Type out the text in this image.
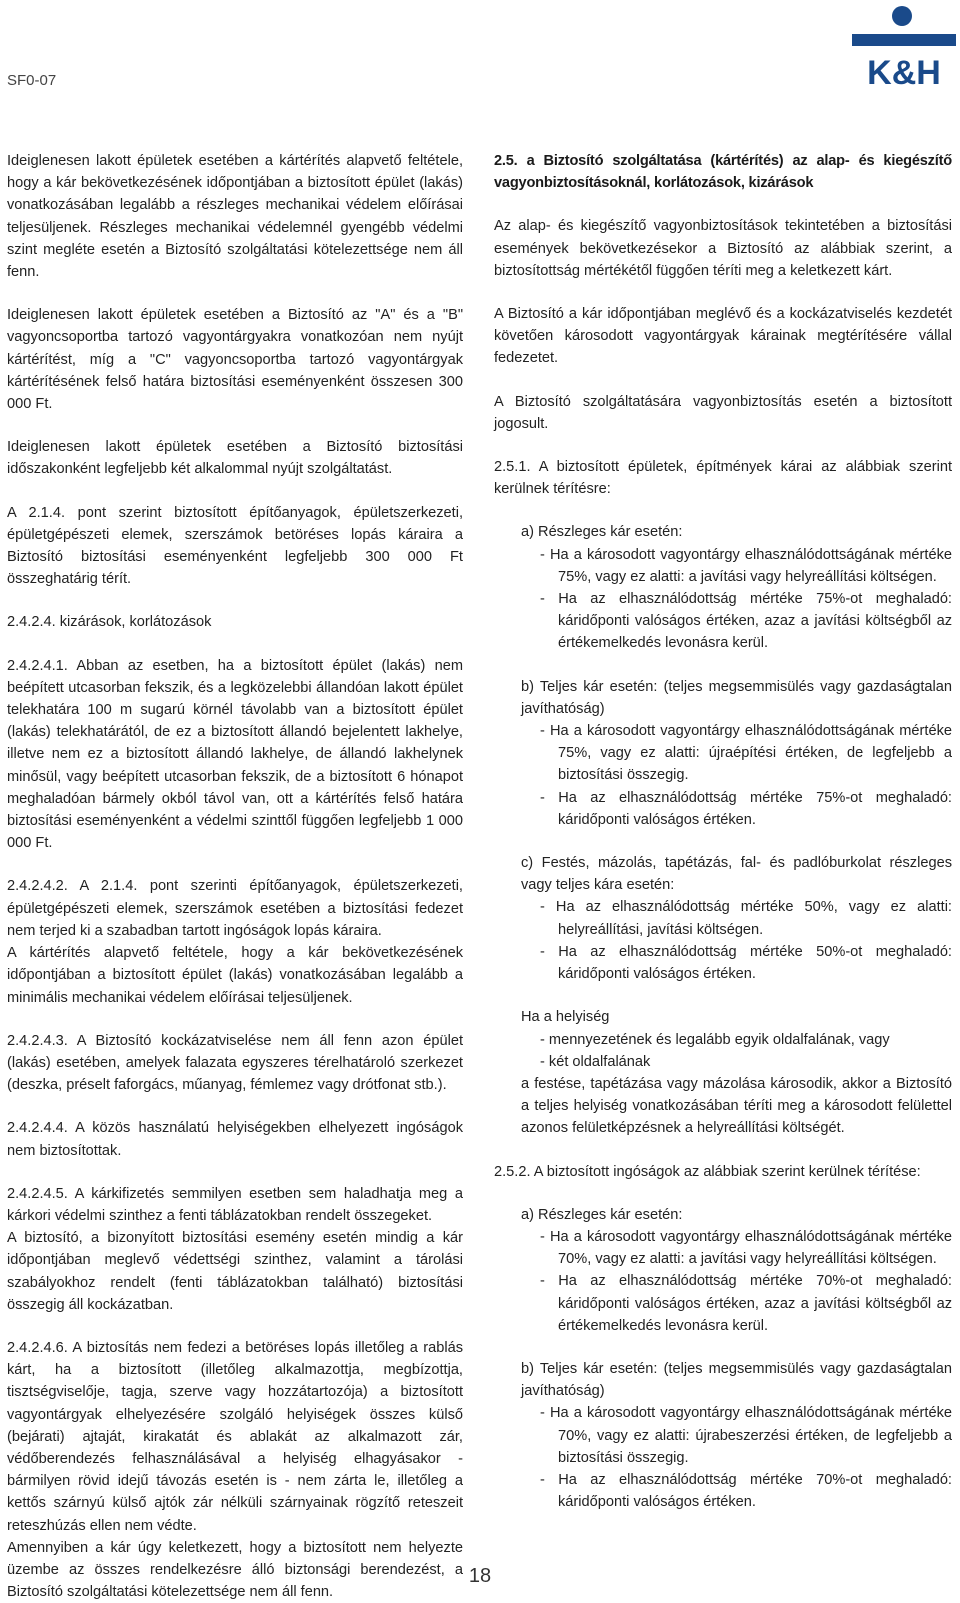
SF0-07	K&H

Ideiglenesen lakott épületek esetében a kártérítés alapvető feltétele, hogy a kár bekövetkezésének időpontjában a biztosított épület (lakás) vonatkozásában legalább a részleges mechanikai védelem előírásai teljesüljenek. Részleges mechanikai védelemnél gyengébb védelmi szint megléte esetén a Biztosító szolgáltatási kötelezettsége nem áll fenn.

Ideiglenesen lakott épületek esetében a Biztosító az "A" és a "B" vagyoncsoportba tartozó vagyontárgyakra vonatkozóan nem nyújt kártérítést, míg a "C" vagyoncsoportba tartozó vagyontárgyak kártérítésének felső határa biztosítási eseményenként összesen 300 000 Ft.

Ideiglenesen lakott épületek esetében a Biztosító biztosítási időszakonként legfeljebb két alkalommal nyújt szolgáltatást.

A 2.1.4. pont szerint biztosított építőanyagok, épületszerkezeti, épületgépészeti elemek, szerszámok betöréses lopás káraira a Biztosító biztosítási eseményenként legfeljebb 300 000 Ft összeghatárig térít.

2.4.2.4. kizárások, korlátozások

2.4.2.4.1. Abban az esetben, ha a biztosított épület (lakás) nem beépített utcasorban fekszik, és a legközelebbi állandóan lakott épület telekhatára 100 m sugarú körnél távolabb van a biztosított épület (lakás) telekhatárától, de ez a biztosított állandó bejelentett lakhelye, illetve nem ez a biztosított állandó lakhelye, de állandó lakhelynek minősül, vagy beépített utcasorban fekszik, de a biztosított 6 hónapot meghaladóan bármely okból távol van, ott a kártérítés felső határa biztosítási eseményenként a védelmi szinttől függően legfeljebb 1 000 000 Ft.

2.4.2.4.2. A 2.1.4. pont szerinti építőanyagok, épületszerkezeti, épületgépészeti elemek, szerszámok esetében a biztosítási fedezet nem terjed ki a szabadban tartott ingóságok lopás káraira.

A kártérítés alapvető feltétele, hogy a kár bekövetkezésének időpontjában a biztosított épület (lakás) vonatkozásában legalább a minimális mechanikai védelem előírásai teljesüljenek.

2.4.2.4.3. A Biztosító kockázatviselése nem áll fenn azon épület (lakás) esetében, amelyek falazata egyszeres térelhatároló szerkezet (deszka, préselt faforgács, műanyag, fémlemez vagy drótfonat stb.).

2.4.2.4.4. A közös használatú helyiségekben elhelyezett ingóságok nem biztosítottak.

2.4.2.4.5. A kárkifizetés semmilyen esetben sem haladhatja meg a kárkori védelmi szinthez a fenti táblázatokban rendelt összegeket.

A biztosító, a bizonyított biztosítási esemény esetén mindig a kár időpontjában meglevő védettségi szinthez, valamint a tárolási szabályokhoz rendelt (fenti táblázatokban található) biztosítási összegig áll kockázatban.

2.4.2.4.6. A biztosítás nem fedezi a betöréses lopás illetőleg a rablás kárt, ha a biztosított (illetőleg alkalmazottja, megbízottja, tisztségviselője, tagja, szerve vagy hozzátartozója) a biztosított vagyontárgyak elhelyezésére szolgáló helyiségek összes külső (bejárati) ajtaját, kirakatát és ablakát az alkalmazott zár, védőberendezés felhasználásával a helyiség elhagyásakor - bármilyen rövid idejű távozás esetén is - nem zárta le, illetőleg a kettős szárnyú külső ajtók zár nélküli szárnyainak rögzítő reteszeit reteszhúzás ellen nem védte.

Amennyiben a kár úgy keletkezett, hogy a biztosított nem helyezte üzembe az összes rendelkezésre álló biztonsági berendezést, a Biztosító szolgáltatási kötelezettsége nem áll fenn.

2.5. a Biztosító szolgáltatása (kártérítés) az alap- és kiegészítő vagyonbiztosításoknál, korlátozások, kizárások

Az alap- és kiegészítő vagyonbiztosítások tekintetében a biztosítási események bekövetkezésekor a Biztosító az alábbiak szerint, a biztosítottság mértékétől függően téríti meg a keletkezett kárt.

A Biztosító a kár időpontjában meglévő és a kockázatviselés kezdetét követően károsodott vagyontárgyak kárainak megtérítésére vállal fedezetet.

A Biztosító szolgáltatására vagyonbiztosítás esetén a biztosított jogosult.

2.5.1. A biztosított épületek, építmények kárai az alábbiak szerint kerülnek térítésre:

a) Részleges kár esetén:

- Ha a károsodott vagyontárgy elhasználódottságának mértéke 75%, vagy ez alatti: a javítási vagy helyreállítási költségen.

- Ha az elhasználódottság mértéke 75%-ot meghaladó: káridőponti valóságos értéken, azaz a javítási költségből az értékemelkedés levonásra kerül.

b) Teljes kár esetén: (teljes megsemmisülés vagy gazdaságtalan javíthatóság)

- Ha a károsodott vagyontárgy elhasználódottságának mértéke 75%, vagy ez alatti: újraépítési értéken, de legfeljebb a biztosítási összegig.

- Ha az elhasználódottság mértéke 75%-ot meghaladó: káridőponti valóságos értéken.

c) Festés, mázolás, tapétázás, fal- és padlóburkolat részleges vagy teljes kára esetén:

- Ha az elhasználódottság mértéke 50%, vagy ez alatti: helyreállítási, javítási költségen.

- Ha az elhasználódottság mértéke 50%-ot meghaladó: káridőponti valóságos értéken.

Ha a helyiség

- mennyezetének és legalább egyik oldalfalának, vagy

- két oldalfalának

a festése, tapétázása vagy mázolása károsodik, akkor a Biztosító a teljes helyiség vonatkozásában téríti meg a károsodott felülettel azonos felületképzésnek a helyreállítási költségét.

2.5.2. A biztosított ingóságok az alábbiak szerint kerülnek térítése:

a) Részleges kár esetén:

- Ha a károsodott vagyontárgy elhasználódottságának mértéke 70%, vagy ez alatti: a javítási vagy helyreállítási költségen.

- Ha az elhasználódottság mértéke 70%-ot meghaladó: káridőponti valóságos értéken, azaz a javítási költségből az értékemelkedés levonásra kerül.

b) Teljes kár esetén: (teljes megsemmisülés vagy gazdaságtalan javíthatóság)

- Ha a károsodott vagyontárgy elhasználódottságának mértéke 70%, vagy ez alatti: újrabeszerzési értéken, de legfeljebb a biztosítási összegig.

- Ha az elhasználódottság mértéke 70%-ot meghaladó: káridőponti valóságos értéken.

18
